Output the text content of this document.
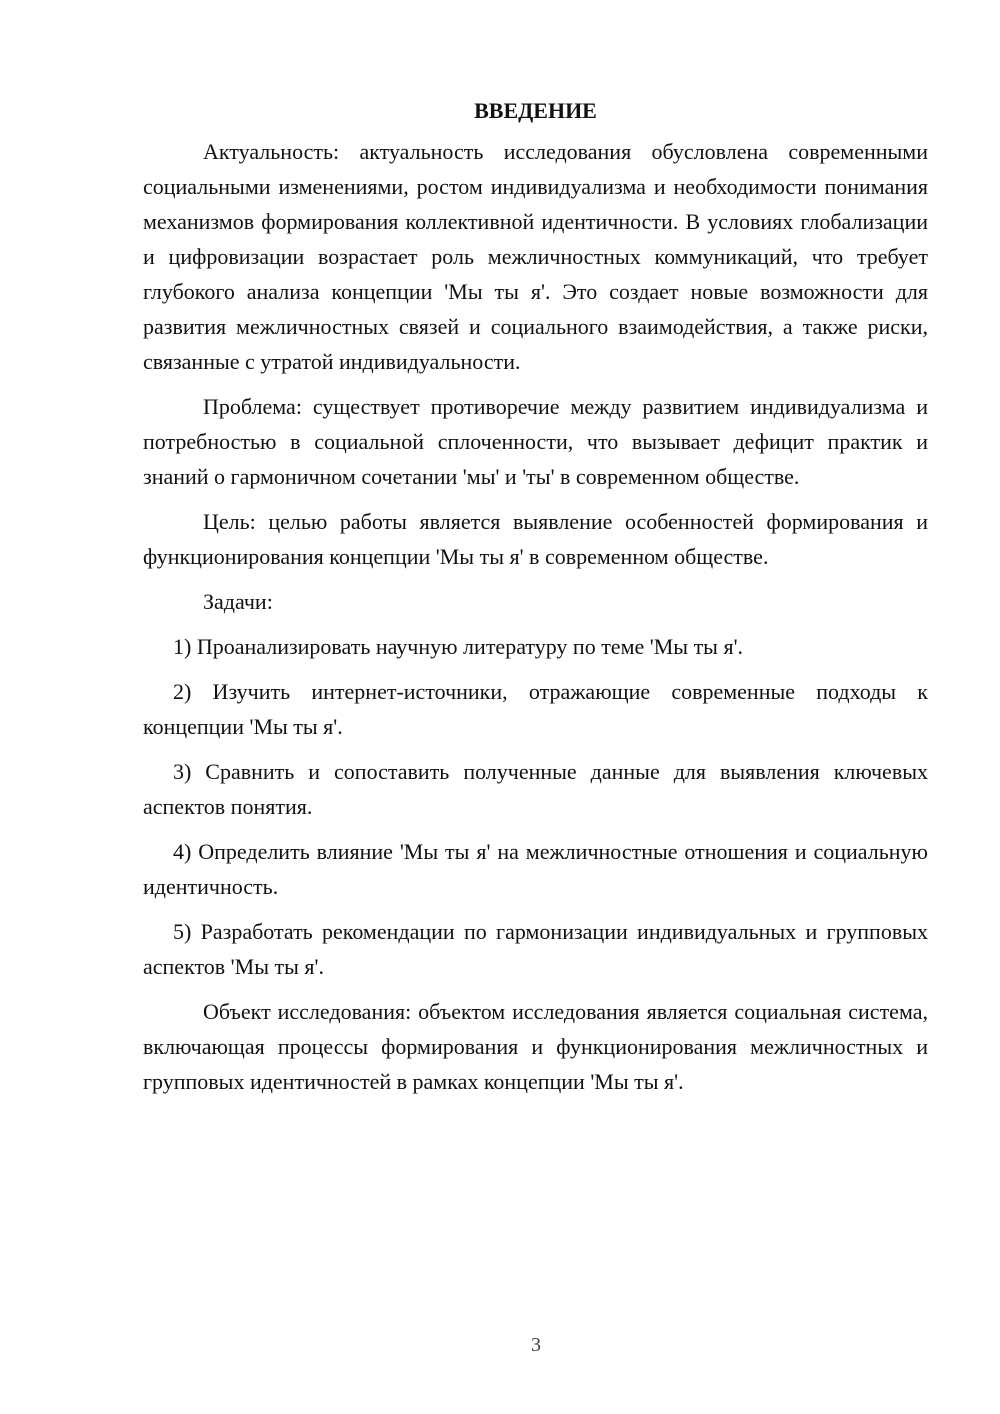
ВВЕДЕНИЕ

Актуальность: актуальность исследования обусловлена современными социальными изменениями, ростом индивидуализма и необходимости понимания механизмов формирования коллективной идентичности. В условиях глобализации и цифровизации возрастает роль межличностных коммуникаций, что требует глубокого анализа концепции 'Мы ты я'. Это создает новые возможности для развития межличностных связей и социального взаимодействия, а также риски, связанные с утратой индивидуальности.

Проблема: существует противоречие между развитием индивидуализма и потребностью в социальной сплоченности, что вызывает дефицит практик и знаний о гармоничном сочетании 'мы' и 'ты' в современном обществе.

Цель: целью работы является выявление особенностей формирования и функционирования концепции 'Мы ты я' в современном обществе.

Задачи:

1) Проанализировать научную литературу по теме 'Мы ты я'.

2) Изучить интернет-источники, отражающие современные подходы к концепции 'Мы ты я'.

3) Сравнить и сопоставить полученные данные для выявления ключевых аспектов понятия.

4) Определить влияние 'Мы ты я' на межличностные отношения и социальную идентичность.

5) Разработать рекомендации по гармонизации индивидуальных и групповых аспектов 'Мы ты я'.

Объект исследования: объектом исследования является социальная система, включающая процессы формирования и функционирования межличностных и групповых идентичностей в рамках концепции 'Мы ты я'.

3
